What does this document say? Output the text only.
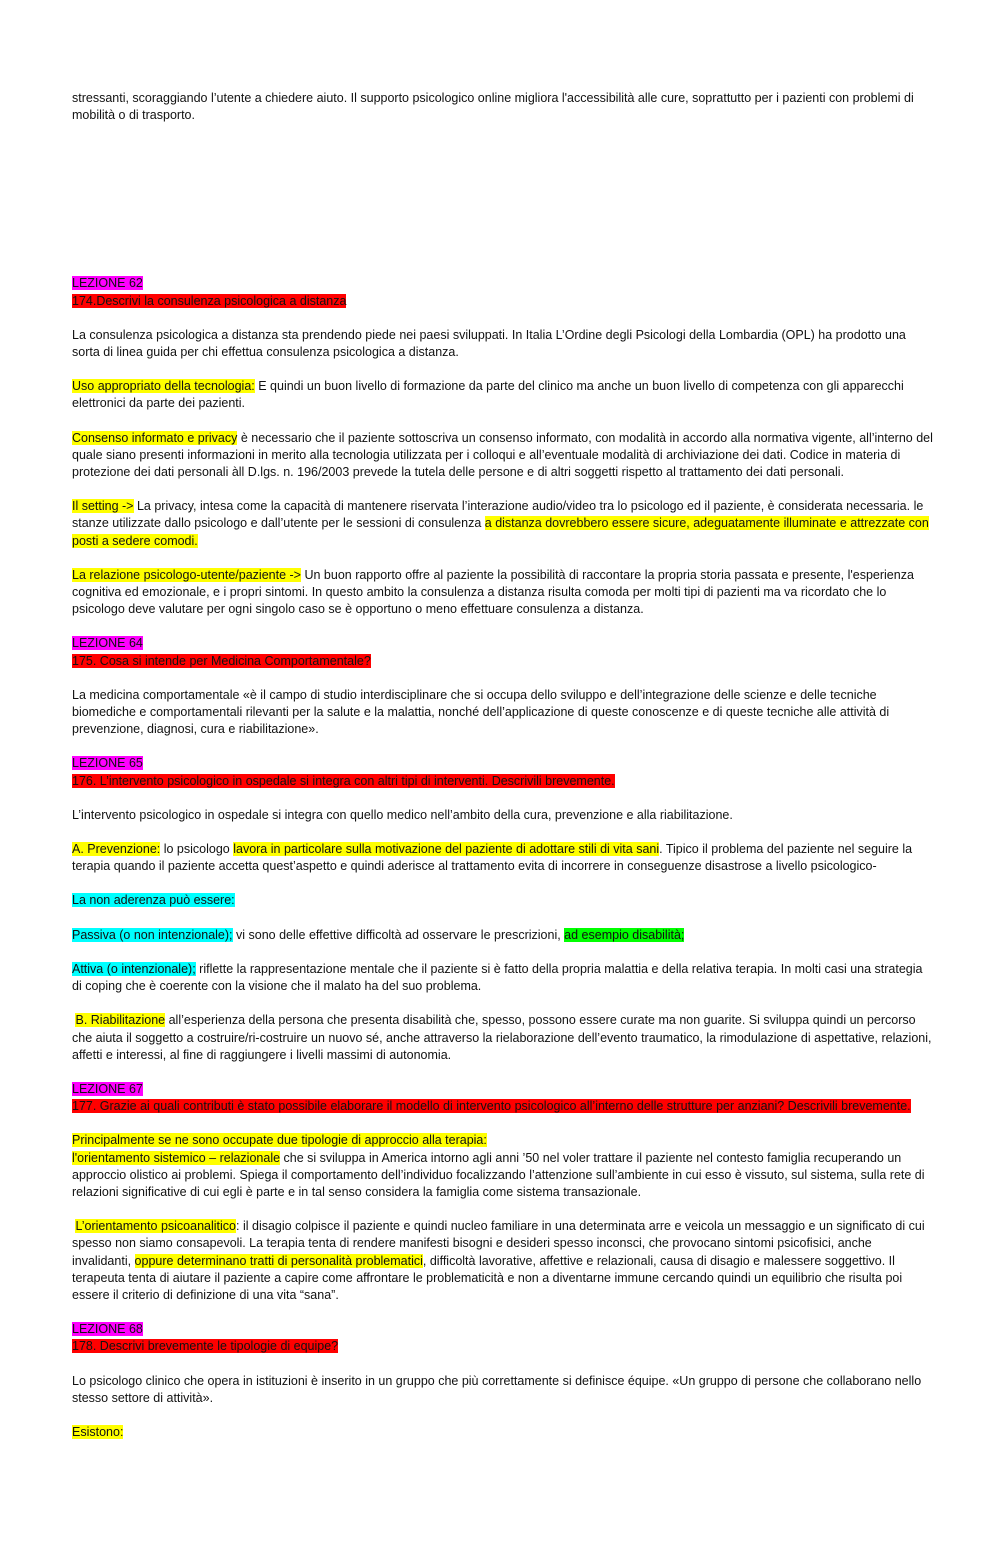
stressanti, scoraggiando l’utente a chiedere aiuto. Il supporto psicologico online migliora l'accessibilità alle cure, soprattutto per i pazienti con problemi di mobilità o di trasporto.

LEZIONE 62

174.Descrivi la consulenza psicologica a distanza

La consulenza psicologica a distanza sta prendendo piede nei paesi sviluppati. In Italia L’Ordine degli Psicologi della Lombardia (OPL) ha prodotto una sorta di linea guida per chi effettua consulenza psicologica a distanza.

Uso appropriato della tecnologia: E quindi un buon livello di formazione da parte del clinico ma anche un buon livello di competenza con gli apparecchi elettronici da parte dei pazienti.

Consenso informato e privacy è necessario che il paziente sottoscriva un consenso informato, con modalità in accordo alla normativa vigente, all’interno del quale siano presenti informazioni in merito alla tecnologia utilizzata per i colloqui e all’eventuale modalità di archiviazione dei dati. Codice in materia di protezione dei dati personali àll D.lgs. n. 196/2003 prevede la tutela delle persone e di altri soggetti rispetto al trattamento dei dati personali.

Il setting -> La privacy, intesa come la capacità di mantenere riservata l’interazione audio/video tra lo psicologo ed il paziente, è considerata necessaria. le stanze utilizzate dallo psicologo e dall’utente per le sessioni di consulenza a distanza dovrebbero essere sicure, adeguatamente illuminate e attrezzate con posti a sedere comodi.

La relazione psicologo-utente/paziente -> Un buon rapporto offre al paziente la possibilità di raccontare la propria storia passata e presente, l'esperienza cognitiva ed emozionale, e i propri sintomi. In questo ambito la consulenza a distanza risulta comoda per molti tipi di pazienti ma va ricordato che lo psicologo deve valutare per ogni singolo caso se è opportuno o meno effettuare consulenza a distanza.

LEZIONE 64

175. Cosa si intende per Medicina Comportamentale?

La medicina comportamentale «è il campo di studio interdisciplinare che si occupa dello sviluppo e dell’integrazione delle scienze e delle tecniche biomediche e comportamentali rilevanti per la salute e la malattia, nonché dell’applicazione di queste conoscenze e di queste tecniche alle attività di prevenzione, diagnosi, cura e riabilitazione».

LEZIONE 65

176. L’intervento psicologico in ospedale si integra con altri tipi di interventi. Descrivili brevemente.

L’intervento psicologico in ospedale si integra con quello medico nell’ambito della cura, prevenzione e alla riabilitazione.

A. Prevenzione: lo psicologo lavora in particolare sulla motivazione del paziente di adottare stili di vita sani. Tipico il problema del paziente nel seguire la terapia quando il paziente accetta quest’aspetto e quindi aderisce al trattamento evita di incorrere in conseguenze disastrose a livello psicologico-

La non aderenza può essere:

Passiva (o non intenzionale); vi sono delle effettive difficoltà ad osservare le prescrizioni, ad esempio disabilità;

Attiva (o intenzionale); riflette la rappresentazione mentale che il paziente si è fatto della propria malattia e della relativa terapia. In molti casi una strategia di coping che è coerente con la visione che il malato ha del suo problema.

B. Riabilitazione all’esperienza della persona che presenta disabilità che, spesso, possono essere curate ma non guarite. Si sviluppa quindi un percorso che aiuta il soggetto a costruire/ri-costruire un nuovo sé, anche attraverso la rielaborazione dell’evento traumatico, la rimodulazione di aspettative, relazioni, affetti e interessi, al fine di raggiungere i livelli massimi di autonomia.

LEZIONE 67

177. Grazie ai quali contributi è stato possibile elaborare il modello di intervento psicologico all’interno delle strutture per anziani? Descrivili brevemente.

Principalmente se ne sono occupate due tipologie di approccio alla terapia:

l'orientamento sistemico – relazionale che si sviluppa in America intorno agli anni ’50 nel voler trattare il paziente nel contesto famiglia recuperando un approccio olistico ai problemi. Spiega il comportamento dell’individuo focalizzando l’attenzione sull’ambiente in cui esso è vissuto, sul sistema, sulla rete di relazioni significative di cui egli è parte e in tal senso considera la famiglia come sistema transazionale.

L’orientamento psicoanalitico: il disagio colpisce il paziente e quindi nucleo familiare in una determinata arre e veicola un messaggio e un significato di cui spesso non siamo consapevoli. La terapia tenta di rendere manifesti bisogni e desideri spesso inconsci, che provocano sintomi psicofisici, anche invalidanti, oppure determinano tratti di personalità problematici, difficoltà lavorative, affettive e relazionali, causa di disagio e malessere soggettivo. Il terapeuta tenta di aiutare il paziente a capire come affrontare le problematicità e non a diventarne immune cercando quindi un equilibrio che risulta poi essere il criterio di definizione di una vita “sana”.

LEZIONE 68

178. Descrivi brevemente le tipologie di equipe?

Lo psicologo clinico che opera in istituzioni è inserito in un gruppo che più correttamente si definisce équipe. «Un gruppo di persone che collaborano nello stesso settore di attività».

Esistono:
